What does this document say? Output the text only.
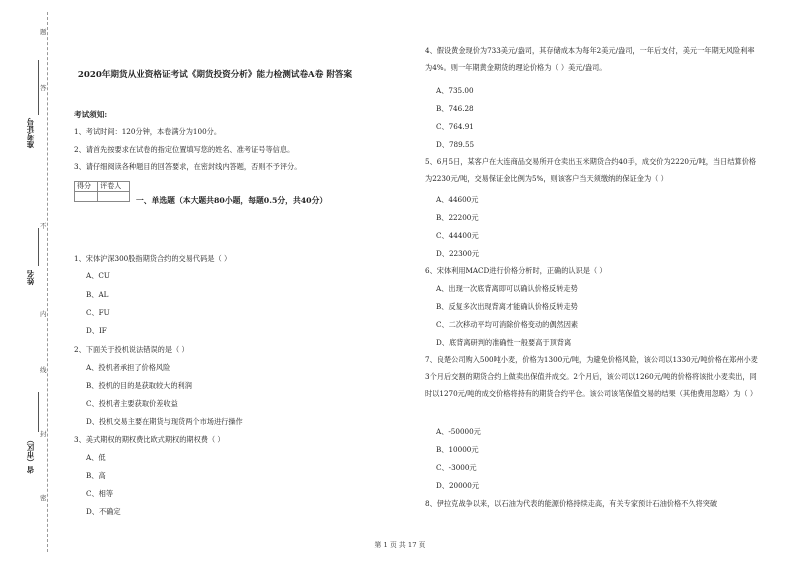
题
答
不
内
线
封
密
准考证号
姓名
省（市区）
2020年期货从业资格证考试《期货投资分析》能力检测试卷A卷 附答案
考试须知:
1、考试时间：120分钟，本卷满分为100分。
2、请首先按要求在试卷的指定位置填写您的姓名、准考证号等信息。
3、请仔细阅读各种题目的回答要求，在密封线内答题，否则不予评分。
得分	评卷人

一、单选题（本大题共80小题，每题0.5分，共40分）
1、宋体沪深300股指期货合约的交易代码是（ ）
A、CU
B、AL
C、FU
D、IF
2、下面关于投机说法错误的是（ ）
A、投机者承担了价格风险
B、投机的目的是获取较大的利润
C、投机者主要获取价差收益
D、投机交易主要在期货与现货两个市场进行操作
3、美式期权的期权费比欧式期权的期权费（ ）
A、低
B、高
C、相等
D、不确定
4、假设黄金现价为733美元/盎司，其存储成本为每年2美元/盎司，一年后支付，美元一年期无风险利率为4%。则一年期黄金期货的理论价格为（ ）美元/盎司。
A、735.00
B、746.28
C、764.91
D、789.55
5、6月5日，某客户在大连商品交易所开仓卖出玉米期货合约40手，成交价为2220元/吨，当日结算价格为2230元/吨，交易保证金比例为5%，则该客户当天须缴纳的保证金为（ ）
A、44600元
B、22200元
C、44400元
D、22300元
6、宋体利用MACD进行价格分析时，正确的认识是（ ）
A、出现一次底背离即可以确认价格反转走势
B、反复多次出现背离才能确认价格反转走势
C、二次移动平均可消除价格变动的偶然因素
D、底背离研判的准确性一般要高于顶背离
7、良楚公司购入500吨小麦，价格为1300元/吨，为避免价格风险，该公司以1330元/吨价格在郑州小麦3个月后交割的期货合约上做卖出保值并成交。2个月后，该公司以1260元/吨的价格将该批小麦卖出，同时以1270元/吨的成交价格将持有的期货合约平仓。该公司该笔保值交易的结果（其他费用忽略）为（ ）
A、-50000元
B、10000元
C、-3000元
D、20000元
8、伊拉克战争以来，以石油为代表的能源价格持续走高，有关专家预计石油价格不久将突破
第 1 页 共 17 页
